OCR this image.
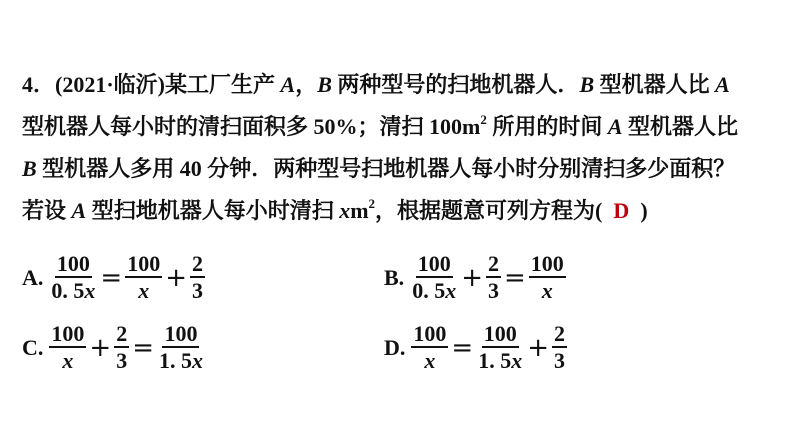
4．(2021·临沂)某工厂生产 A，B 两种型号的扫地机器人．B 型机器人比 A
型机器人每小时的清扫面积多 50%；清扫 $100m^2$ 所用的时间 A 型机器人比
B 型机器人多用 40 分钟．两种型号扫地机器人每小时分别清扫多少面积？
若设 A 型扫地机器人每小时清扫 $xm^2$，根据题意可列方程为( D )
A. $\frac{100}{0. 5x} = \frac{100}{x} + \frac{2}{3}$	B. $\frac{100}{0. 5x} + \frac{2}{3} = \frac{100}{x}$
C. $\frac{100}{x} + \frac{2}{3} = \frac{100}{1. 5x}$	D. $\frac{100}{x} = \frac{100}{1. 5x} + \frac{2}{3}$
